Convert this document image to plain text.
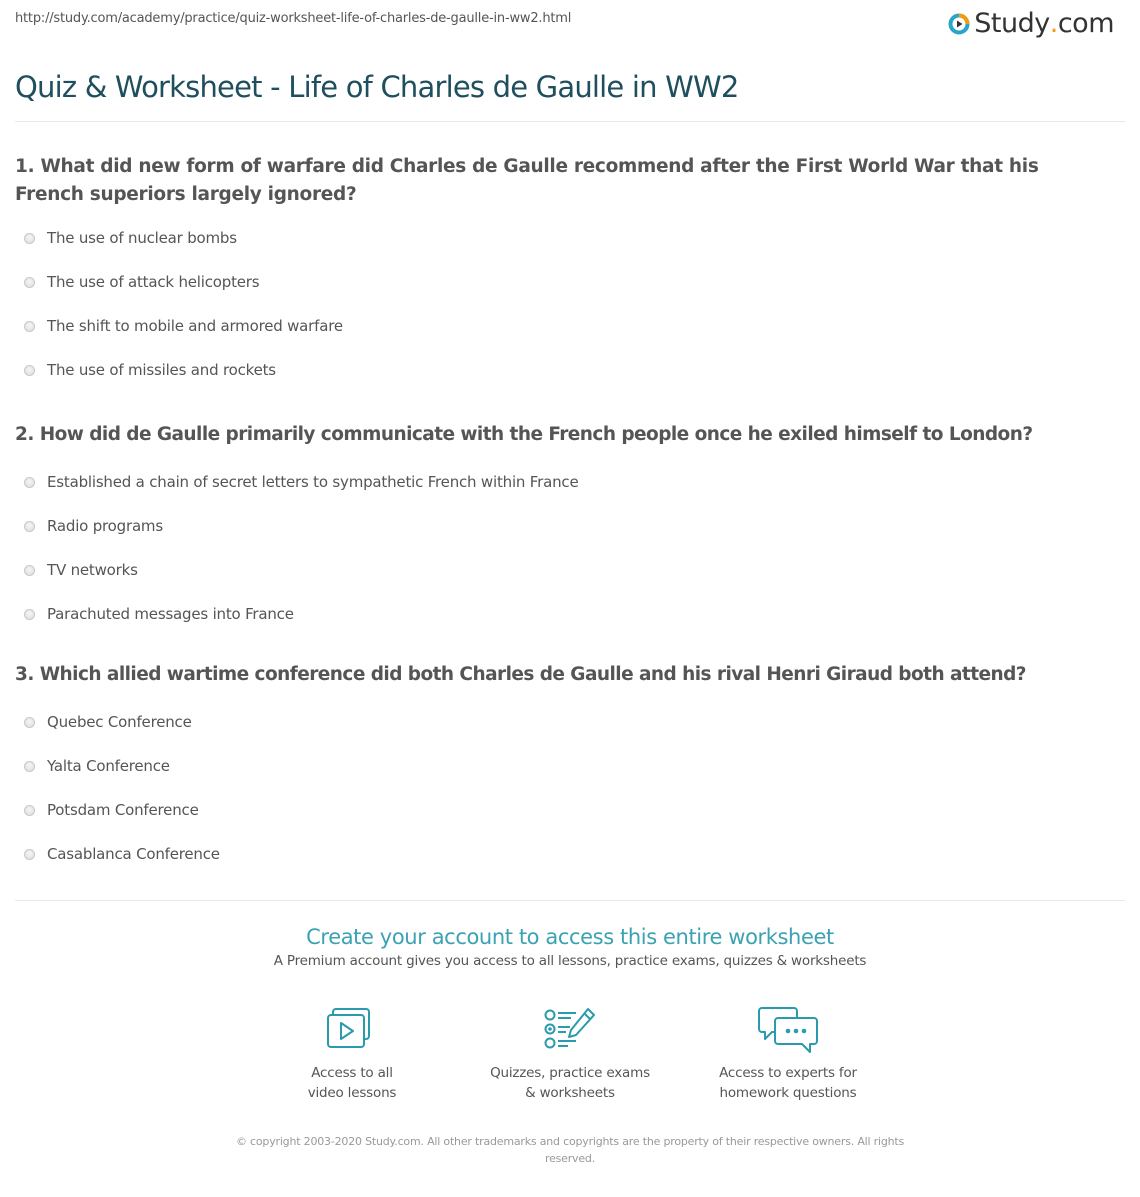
http://study.com/academy/practice/quiz-worksheet-life-of-charles-de-gaulle-in-ww2.html	Study . com
Quiz & Worksheet - Life of Charles de Gaulle in WW2
1. What did new form of warfare did Charles de Gaulle recommend after the First World War that his French superiors largely ignored?
The use of nuclear bombs
The use of attack helicopters
The shift to mobile and armored warfare
The use of missiles and rockets
2. How did de Gaulle primarily communicate with the French people once he exiled himself to London?
Established a chain of secret letters to sympathetic French within France
Radio programs
TV networks
Parachuted messages into France
3. Which allied wartime conference did both Charles de Gaulle and his rival Henri Giraud both attend?
Quebec Conference
Yalta Conference
Potsdam Conference
Casablanca Conference
Create your account to access this entire worksheet
A Premium account gives you access to all lessons, practice exams, quizzes & worksheets
Access to all
video lessons
Quizzes, practice exams
& worksheets
Access to experts for
homework questions
© copyright 2003-2020 Study.com. All other trademarks and copyrights are the property of their respective owners. All rights reserved.
